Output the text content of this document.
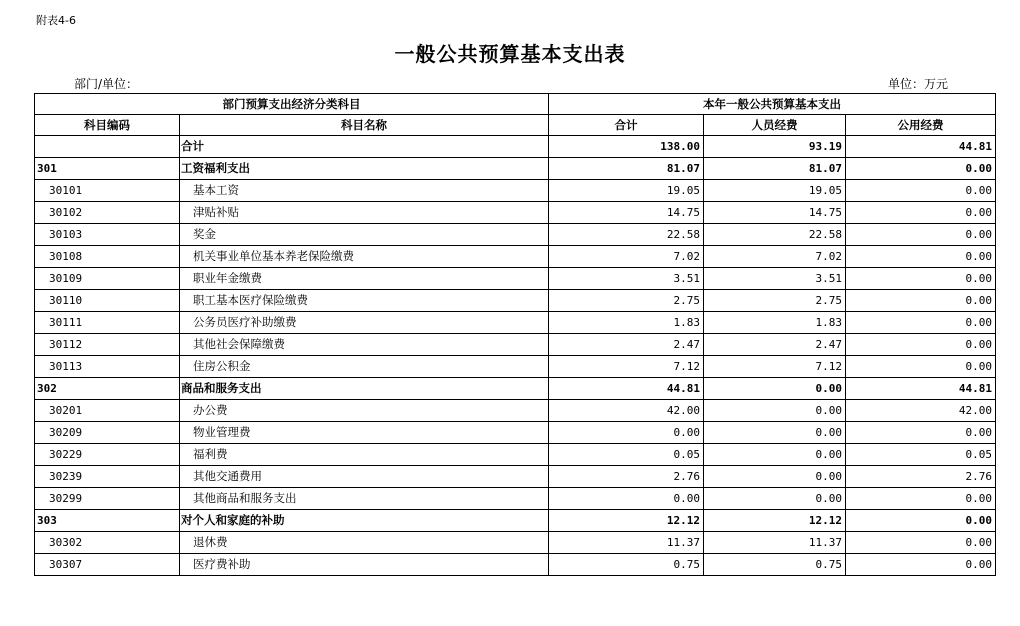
附表4-6
一般公共预算基本支出表
部门/单位：	单位：万元
部门预算支出经济分类科目		本年一般公共预算基本支出		
科目编码	科目名称	合计	人员经费	公用经费
	合计	138.00	93.19	44.81
301	工资福利支出	81.07	81.07	0.00
30101	基本工资	19.05	19.05	0.00
30102	津贴补贴	14.75	14.75	0.00
30103	奖金	22.58	22.58	0.00
30108	机关事业单位基本养老保险缴费	7.02	7.02	0.00
30109	职业年金缴费	3.51	3.51	0.00
30110	职工基本医疗保险缴费	2.75	2.75	0.00
30111	公务员医疗补助缴费	1.83	1.83	0.00
30112	其他社会保障缴费	2.47	2.47	0.00
30113	住房公积金	7.12	7.12	0.00
302	商品和服务支出	44.81	0.00	44.81
30201	办公费	42.00	0.00	42.00
30209	物业管理费	0.00	0.00	0.00
30229	福利费	0.05	0.00	0.05
30239	其他交通费用	2.76	0.00	2.76
30299	其他商品和服务支出	0.00	0.00	0.00
303	对个人和家庭的补助	12.12	12.12	0.00
30302	退休费	11.37	11.37	0.00
30307	医疗费补助	0.75	0.75	0.00
